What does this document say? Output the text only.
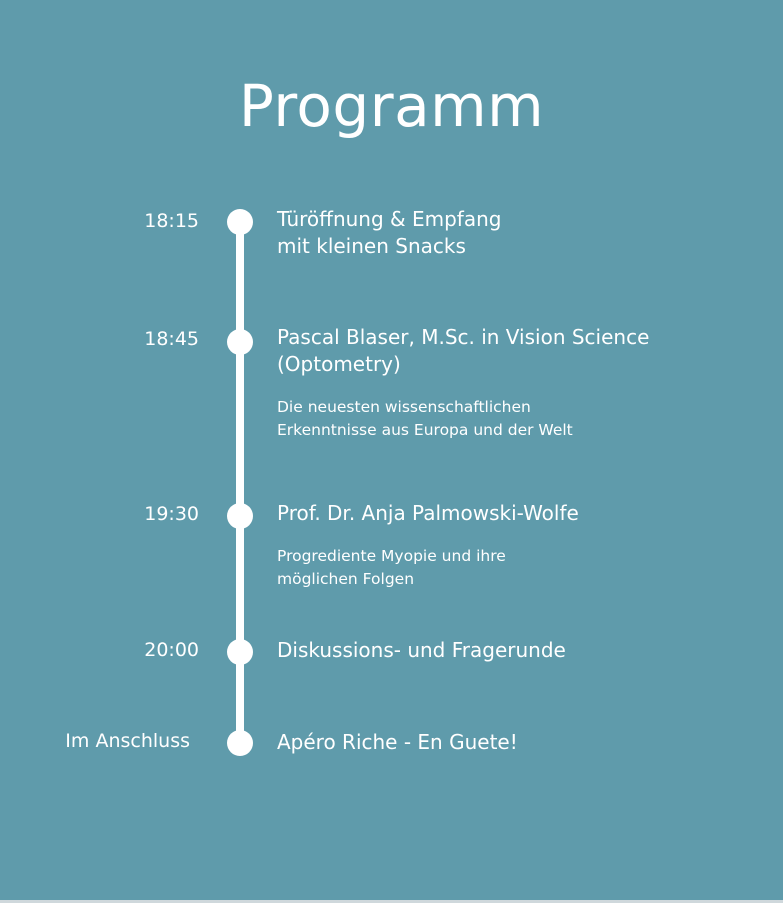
Programm
18:15	Türöffnung & Empfang
mit kleinen Snacks
18:45	Pascal Blaser, M.Sc. in Vision Science
(Optometry)
Die neuesten wissenschaftlichen
Erkenntnisse aus Europa und der Welt
19:30	Prof. Dr. Anja Palmowski-Wolfe
Progrediente Myopie und ihre
möglichen Folgen
20:00	Diskussions- und Fragerunde
Im Anschluss	Apéro Riche - En Guete!
